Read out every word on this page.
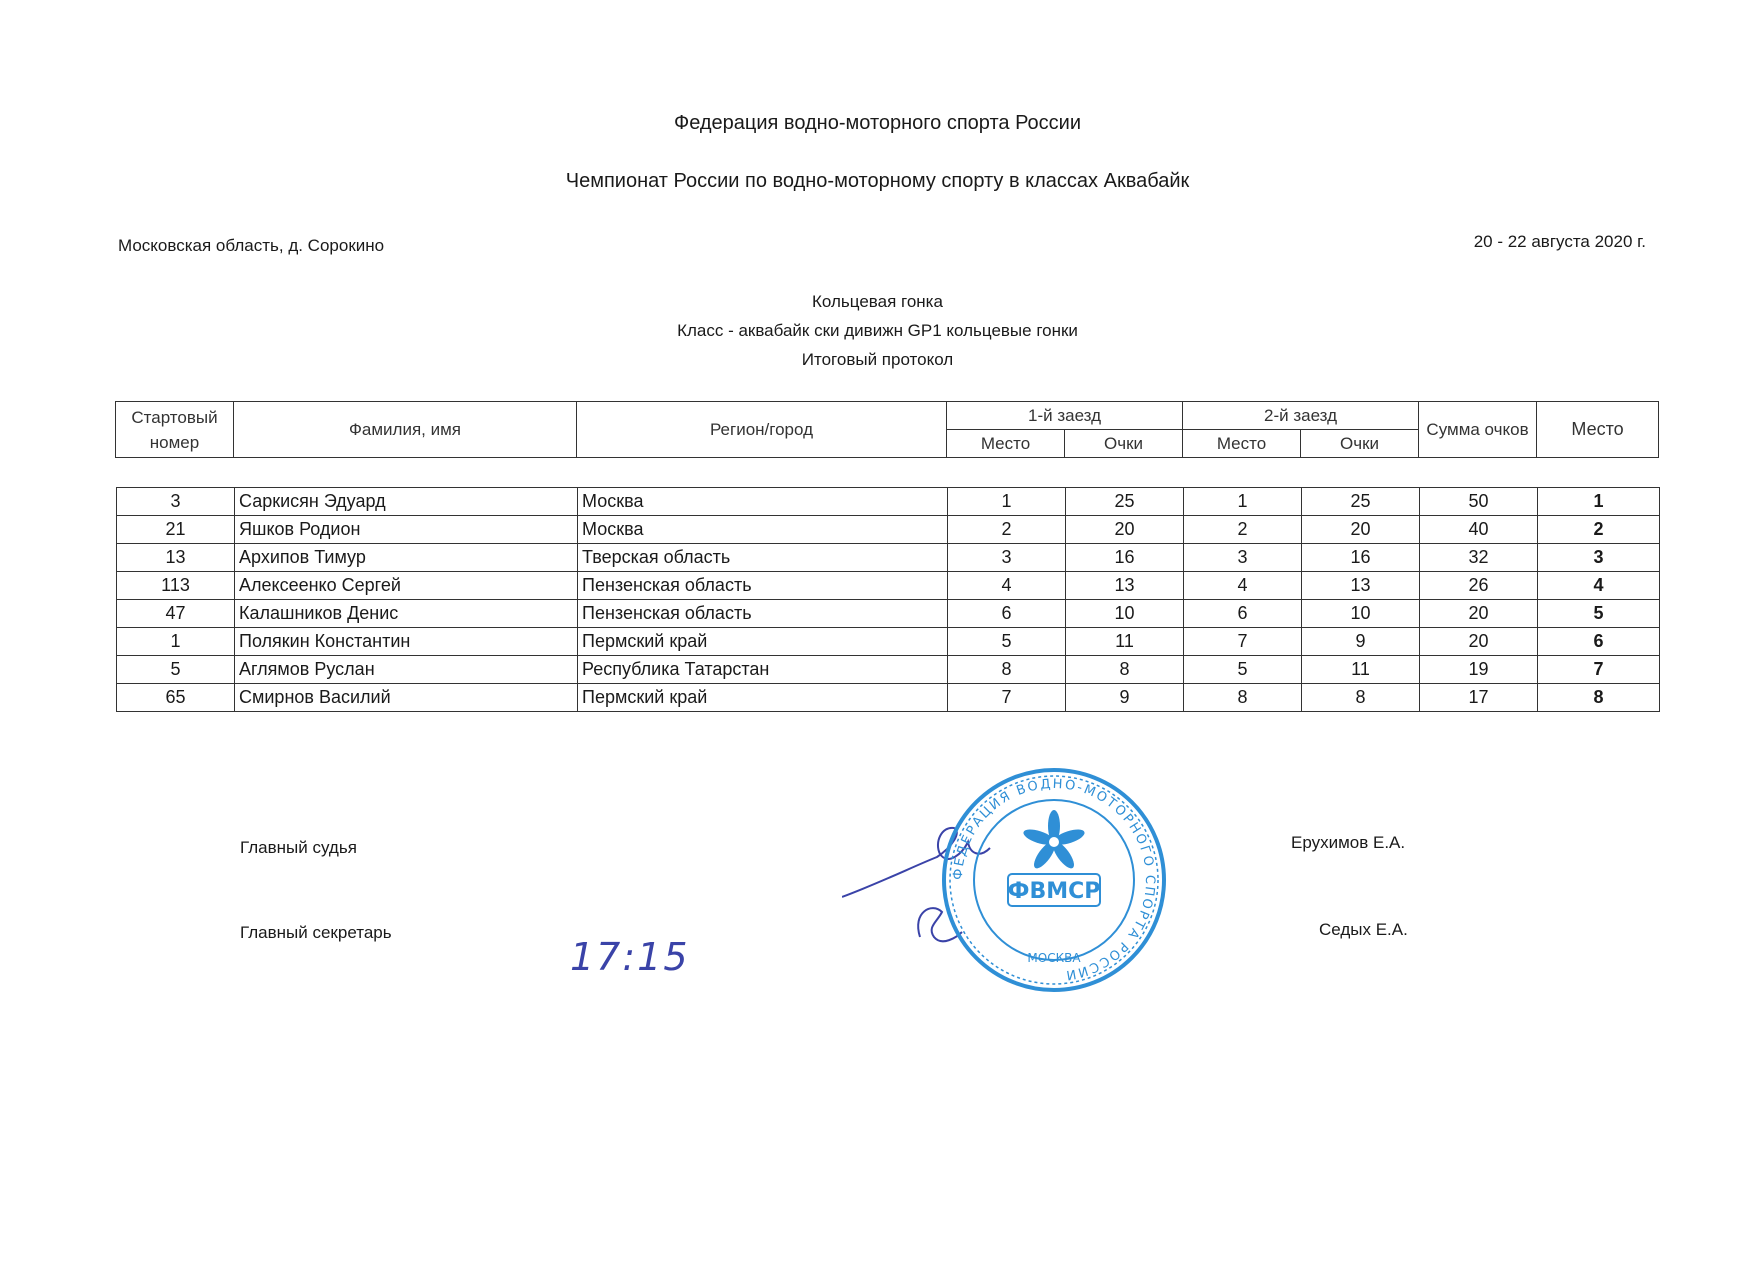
Федерация водно-моторного спорта России
Чемпионат России по водно-моторному спорту в классах Аквабайк
Московская область, д. Сорокино	20 - 22 августа 2020 г.
Кольцевая гонка
Класс - аквабайк ски дивижн GP1 кольцевые гонки
Итоговый протокол
Стартовый номер	Фамилия, имя	Регион/город	1-й заезд		2-й заезд		Сумма очков	Место
			Место	Очки	Место	Очки		
3	Саркисян Эдуард	Москва	1	25	1	25	50	1
21	Яшков Родион	Москва	2	20	2	20	40	2
13	Архипов Тимур	Тверская область	3	16	3	16	32	3
113	Алексеенко Сергей	Пензенская область	4	13	4	13	26	4
47	Калашников Денис	Пензенская область	6	10	6	10	20	5
1	Полякин Константин	Пермский край	5	11	7	9	20	6
5	Аглямов Руслан	Республика Татарстан	8	8	5	11	19	7
65	Смирнов Василий	Пермский край	7	9	8	8	17	8
Главный судья	Ерухимов Е.А.
Главный секретарь	Седых Е.А.
17:15
ФЕДЕРАЦИЯ ВОДНО-МОТОРНОГО СПОРТА РОССИИ
ФВМСР
МОСКВА
